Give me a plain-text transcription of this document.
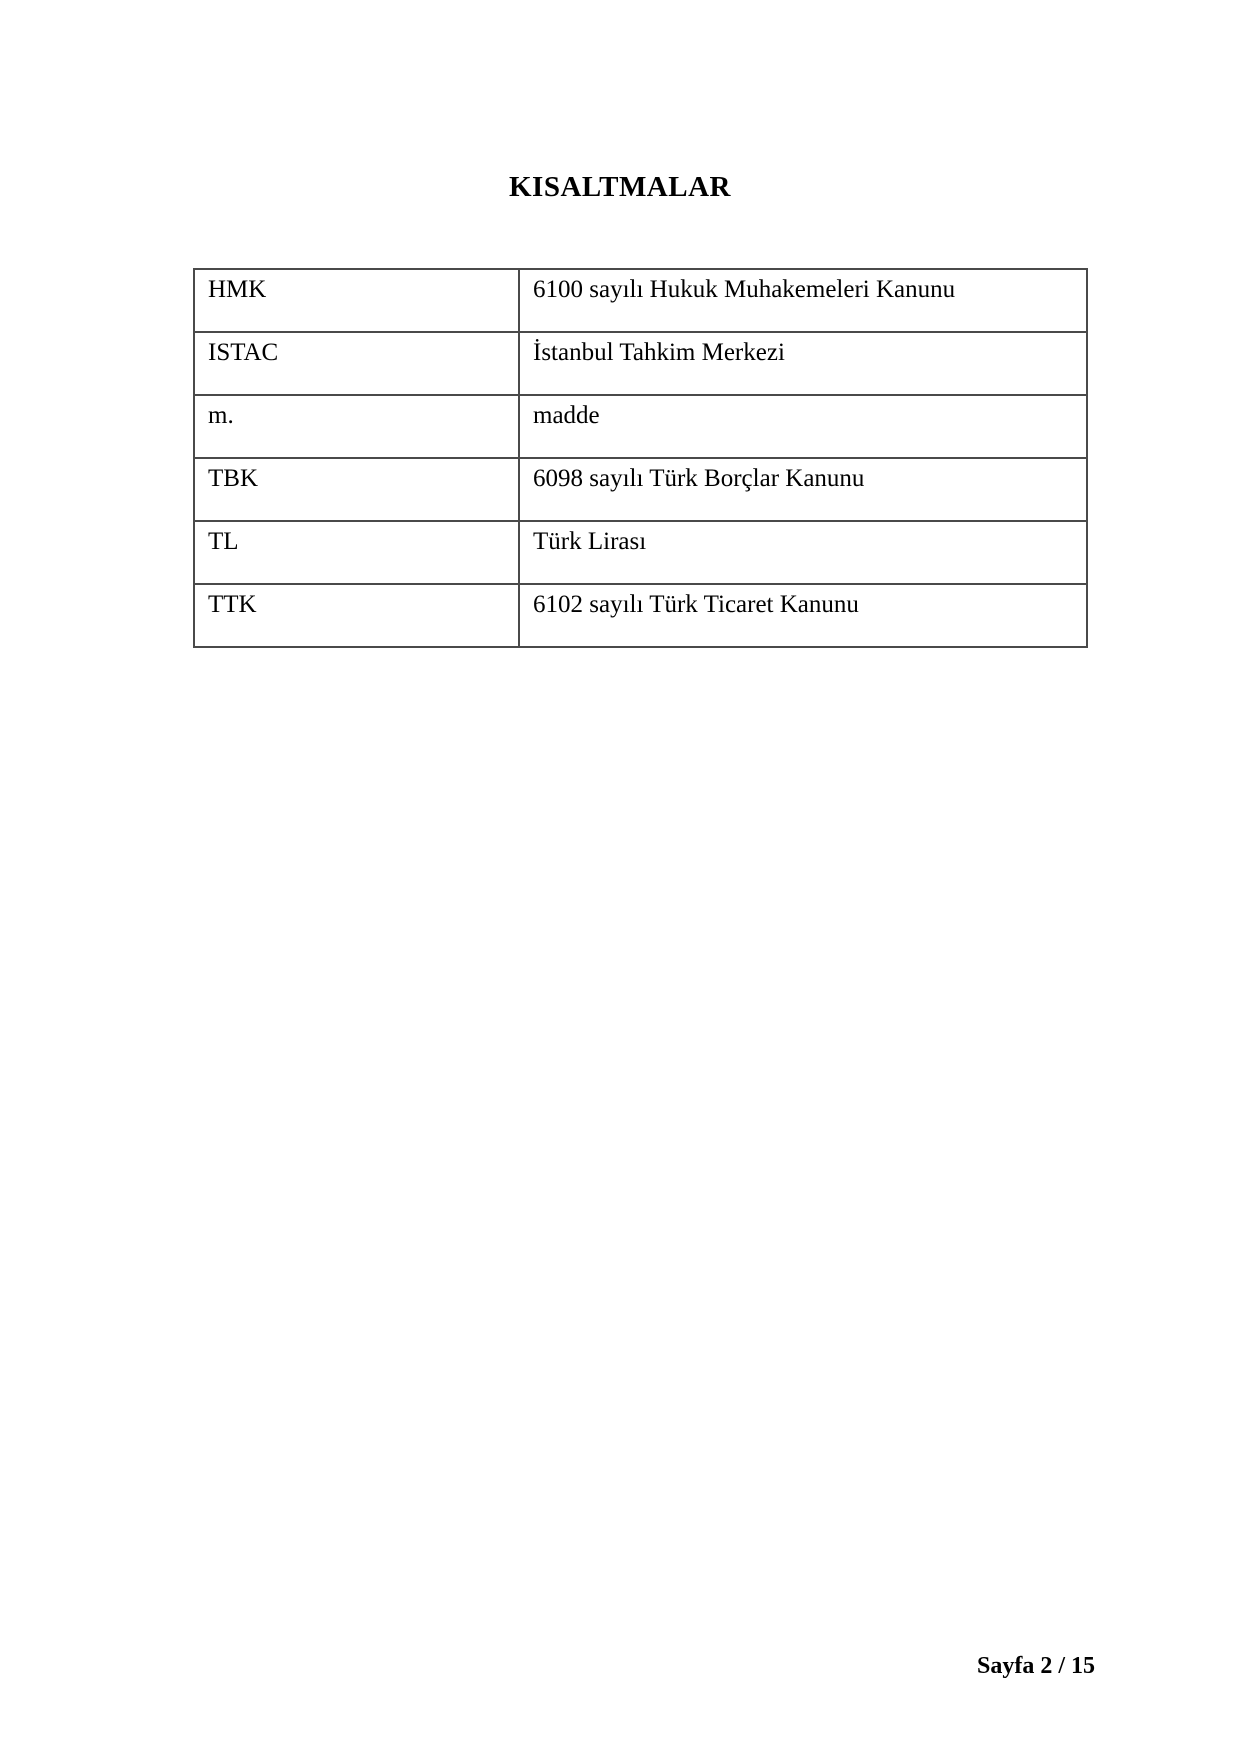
KISALTMALAR
HMK	6100 sayılı Hukuk Muhakemeleri Kanunu
ISTAC	İstanbul Tahkim Merkezi
m.	madde
TBK	6098 sayılı Türk Borçlar Kanunu
TL	Türk Lirası
TTK	6102 sayılı Türk Ticaret Kanunu
Sayfa 2 / 15
